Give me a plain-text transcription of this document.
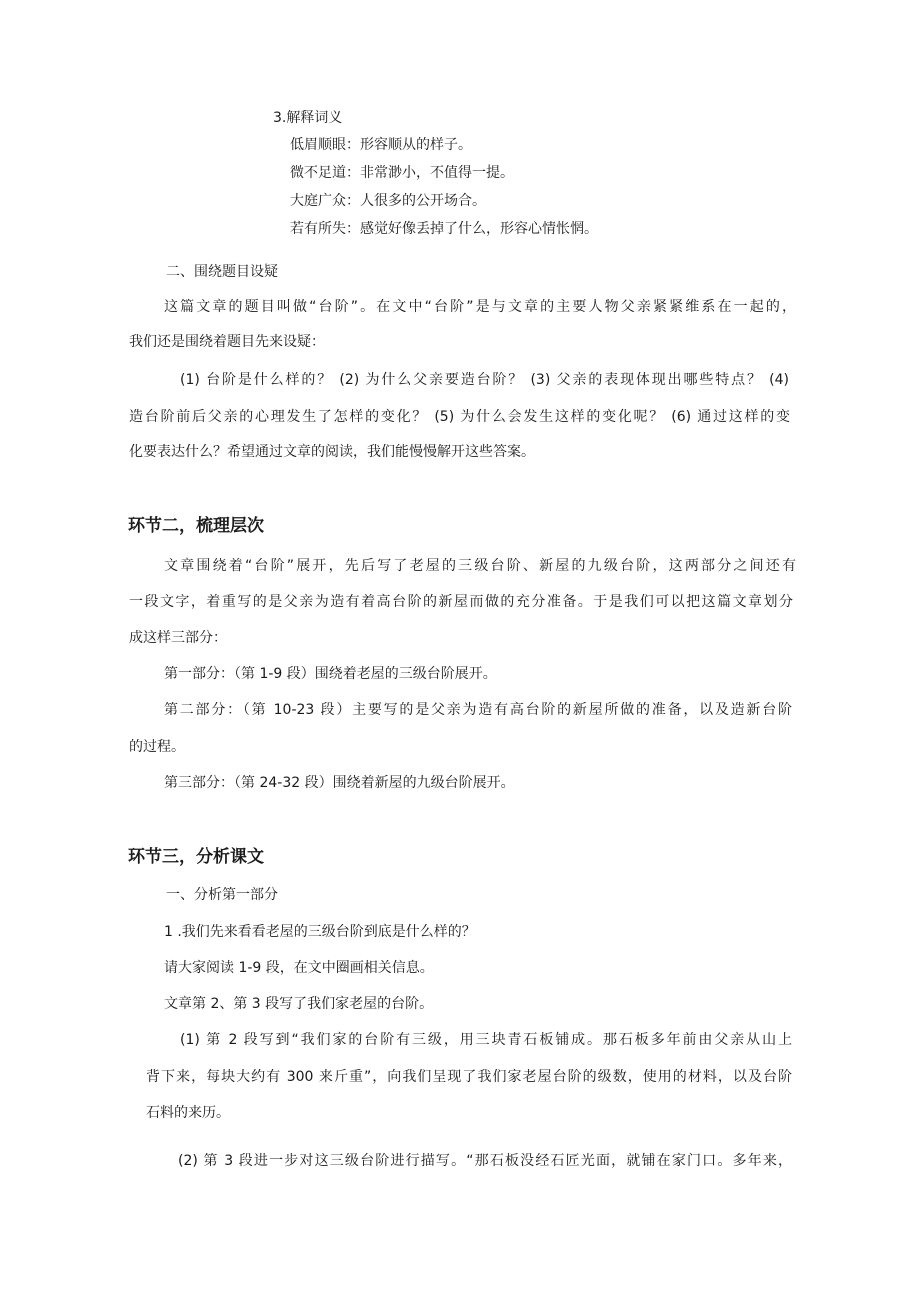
3.解释词义
低眉顺眼：形容顺从的样子。
微不足道：非常渺小，不值得一提。
大庭广众：人很多的公开场合。
若有所失：感觉好像丢掉了什么，形容心情怅惘。
二、围绕题目设疑
这篇文章的题目叫做“台阶”。在文中“台阶”是与文章的主要人物父亲紧紧维系在一起的，
我们还是围绕着题目先来设疑：
(1) 台阶是什么样的？ (2) 为什么父亲要造台阶？ (3) 父亲的表现体现出哪些特点？ (4)
造台阶前后父亲的心理发生了怎样的变化？ (5) 为什么会发生这样的变化呢？ (6) 通过这样的变
化要表达什么？希望通过文章的阅读，我们能慢慢解开这些答案。
环节二，梳理层次
文章围绕着“台阶”展开，先后写了老屋的三级台阶、新屋的九级台阶，这两部分之间还有
一段文字，着重写的是父亲为造有着高台阶的新屋而做的充分准备。于是我们可以把这篇文章划分
成这样三部分：
第一部分：（第 1-9 段）围绕着老屋的三级台阶展开。
第二部分：（第 10-23 段）主要写的是父亲为造有高台阶的新屋所做的准备，以及造新台阶
的过程。
第三部分：（第 24-32 段）围绕着新屋的九级台阶展开。
环节三，分析课文
一、分析第一部分
1 .我们先来看看老屋的三级台阶到底是什么样的？
请大家阅读 1-9 段，在文中圈画相关信息。
文章第 2、第 3 段写了我们家老屋的台阶。
(1) 第 2 段写到“我们家的台阶有三级，用三块青石板铺成。那石板多年前由父亲从山上
背下来，每块大约有 300 来斤重”，向我们呈现了我们家老屋台阶的级数，使用的材料，以及台阶
石料的来历。
(2) 第 3 段进一步对这三级台阶进行描写。“那石板没经石匠光面，就铺在家门口。多年来，
